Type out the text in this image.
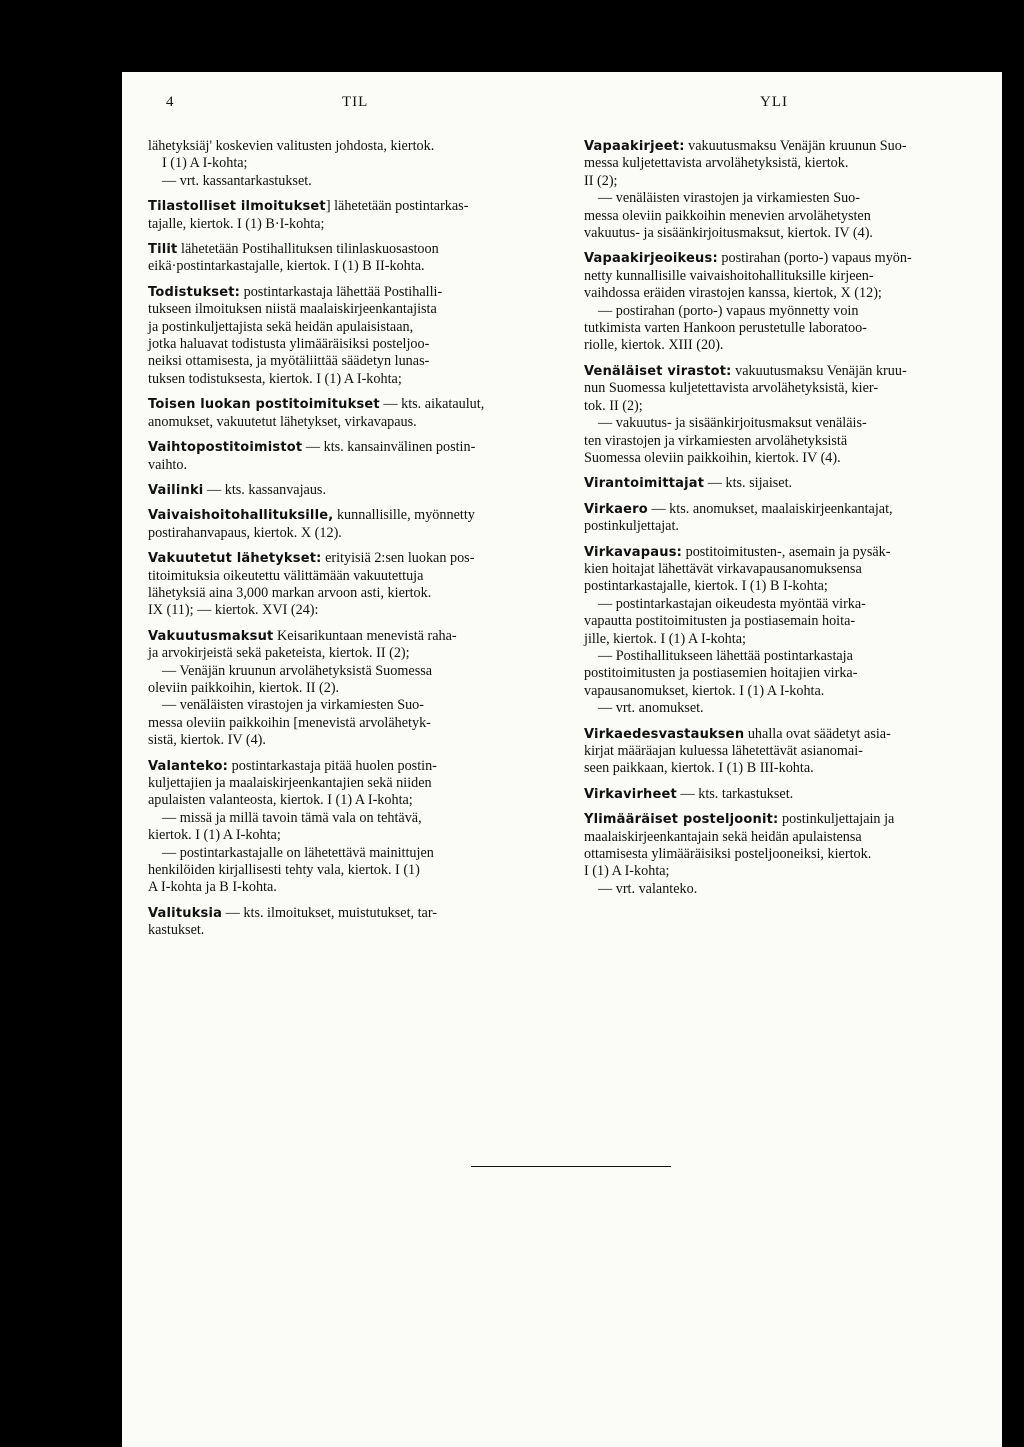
4	TIL	YLI
lähetyksiäj' koskevien valitusten johdosta, kiertok.
I (1) A I-kohta;
— vrt. kassantarkastukset.
Tilastolliset ilmoitukset] lähetetään postintarkas-
tajalle, kiertok. I (1) B·I-kohta;
Tilit lähetetään Postihallituksen tilinlaskuosastoon
eikä·postintarkastajalle, kiertok. I (1) B II-kohta.
Todistukset: postintarkastaja lähettää Postihalli-
tukseen ilmoituksen niistä maalaiskirjeenkantajista
ja postinkuljettajista sekä heidän apulaisistaan,
jotka haluavat todistusta ylimääräisiksi posteljoo-
neiksi ottamisesta, ja myötäliittää säädetyn lunas-
tuksen todistuksesta, kiertok. I (1) A I-kohta;
Toisen luokan postitoimitukset — kts. aikataulut,
anomukset, vakuutetut lähetykset, virkavapaus.
Vaihtopostitoimistot — kts. kansainvälinen postin-
vaihto.
Vailinki — kts. kassanvajaus.
Vaivaishoitohallituksille, kunnallisille, myönnetty
postirahanvapaus, kiertok. X (12).
Vakuutetut lähetykset: erityisiä 2:sen luokan pos-
titoimituksia oikeutettu välittämään vakuutettuja
lähetyksiä aina 3,000 markan arvoon asti, kiertok.
IX (11); — kiertok. XVI (24):
Vakuutusmaksut Keisarikuntaan menevistä raha-
ja arvokirjeistä sekä paketeista, kiertok. II (2);
— Venäjän kruunun arvolähetyksistä Suomessa
oleviin paikkoihin, kiertok. II (2).
— venäläisten virastojen ja virkamiesten Suo-
messa oleviin paikkoihin [menevistä arvolähetyk-
sistä, kiertok. IV (4).
Valanteko: postintarkastaja pitää huolen postin-
kuljettajien ja maalaiskirjeenkantajien sekä niiden
apulaisten valanteosta, kiertok. I (1) A I-kohta;
— missä ja millä tavoin tämä vala on tehtävä,
kiertok. I (1) A I-kohta;
— postintarkastajalle on lähetettävä mainittujen
henkilöiden kirjallisesti tehty vala, kiertok. I (1)
A I-kohta ja B I-kohta.
Valituksia — kts. ilmoitukset, muistutukset, tar-
kastukset.
Vapaakirjeet: vakuutusmaksu Venäjän kruunun Suo-
messa kuljetettavista arvolähetyksistä, kiertok.
II (2);
— venäläisten virastojen ja virkamiesten Suo-
messa oleviin paikkoihin menevien arvolähetysten
vakuutus- ja sisäänkirjoitusmaksut, kiertok. IV (4).
Vapaakirjeoikeus: postirahan (porto-) vapaus myön-
netty kunnallisille vaivaishoitohallituksille kirjeen-
vaihdossa eräiden virastojen kanssa, kiertok, X (12);
— postirahan (porto-) vapaus myönnetty voin
tutkimista varten Hankoon perustetulle laboratoo-
riolle, kiertok. XIII (20).
Venäläiset virastot: vakuutusmaksu Venäjän kruu-
nun Suomessa kuljetettavista arvolähetyksistä, kier-
tok. II (2);
— vakuutus- ja sisäänkirjoitusmaksut venäläis-
ten virastojen ja virkamiesten arvolähetyksistä
Suomessa oleviin paikkoihin, kiertok. IV (4).
Virantoimittajat — kts. sijaiset.
Virkaero — kts. anomukset, maalaiskirjeenkantajat,
postinkuljettajat.
Virkavapaus: postitoimitusten-, asemain ja pysäk-
kien hoitajat lähettävät virkavapausanomuksensa
postintarkastajalle, kiertok. I (1) B I-kohta;
— postintarkastajan oikeudesta myöntää virka-
vapautta postitoimitusten ja postiasemain hoita-
jille, kiertok. I (1) A I-kohta;
— Postihallitukseen lähettää postintarkastaja
postitoimitusten ja postiasemien hoitajien virka-
vapausanomukset, kiertok. I (1) A I-kohta.
— vrt. anomukset.
Virkaedesvastauksen uhalla ovat säädetyt asia-
kirjat määräajan kuluessa lähetettävät asianomai-
seen paikkaan, kiertok. I (1) B III-kohta.
Virkavirheet — kts. tarkastukset.
Ylimääräiset posteljoonit: postinkuljettajain ja
maalaiskirjeenkantajain sekä heidän apulaistensa
ottamisesta ylimääräisiksi posteljooneiksi, kiertok.
I (1) A I-kohta;
— vrt. valanteko.
